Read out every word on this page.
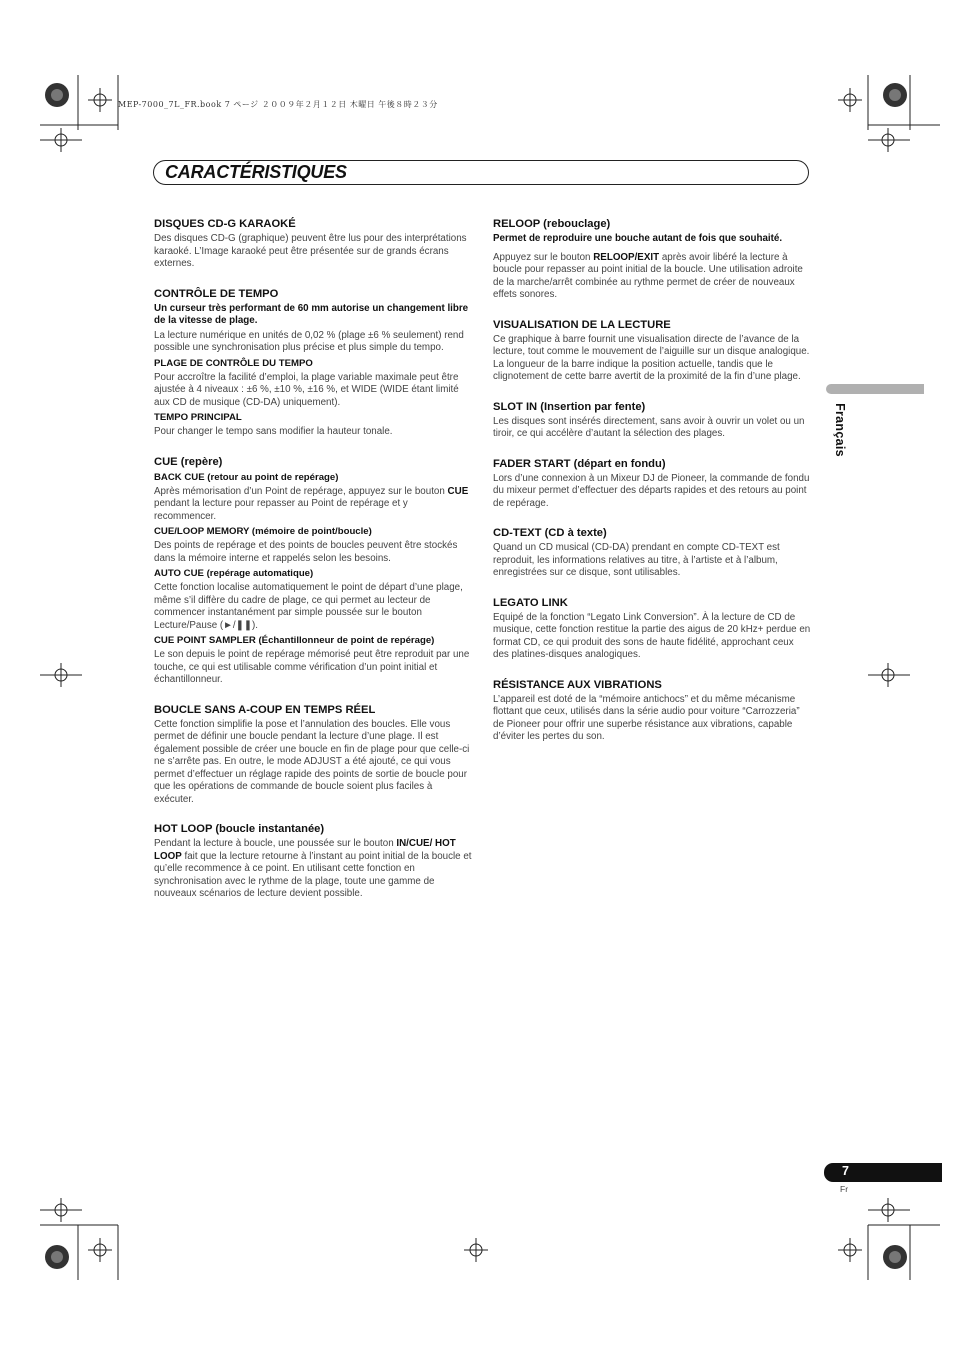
MEP-7000_7L_FR.book 7 ページ ２００９年２月１２日 木曜日 午後８時２３分
CARACTÉRISTIQUES
DISQUES CD-G KARAOKÉ

Des disques CD-G (graphique) peuvent être lus pour des interprétations karaoké. L’Image karaoké peut être présentée sur de grands écrans externes.

CONTRÔLE DE TEMPO

Un curseur très performant de 60 mm autorise un changement libre de la vitesse de plage.

La lecture numérique en unités de 0,02 % (plage ±6 % seulement) rend possible une synchronisation plus précise et plus simple du tempo.

PLAGE DE CONTRÔLE DU TEMPO

Pour accroître la facilité d’emploi, la plage variable maximale peut être ajustée à 4 niveaux : ±6 %, ±10 %, ±16 %, et WIDE (WIDE étant limité aux CD de musique (CD-DA) uniquement).

TEMPO PRINCIPAL

Pour changer le tempo sans modifier la hauteur tonale.

CUE (repère)
BACK CUE (retour au point de repérage)

Après mémorisation d’un Point de repérage, appuyez sur le bouton CUE pendant la lecture pour repasser au Point de repérage et y recommencer.

CUE/LOOP MEMORY (mémoire de point/boucle)

Des points de repérage et des points de boucles peuvent être stockés dans la mémoire interne et rappelés selon les besoins.

AUTO CUE (repérage automatique)

Cette fonction localise automatiquement le point de départ d’une plage, même s’il diffère du cadre de plage, ce qui permet au lecteur de commencer instantanément par simple poussée sur le bouton Lecture/Pause (►/❚❚).

CUE POINT SAMPLER (Échantillonneur de point de repérage)

Le son depuis le point de repérage mémorisé peut être reproduit par une touche, ce qui est utilisable comme vérification d’un point initial et échantillonneur.

BOUCLE SANS A-COUP EN TEMPS RÉEL

Cette fonction simplifie la pose et l’annulation des boucles. Elle vous permet de définir une boucle pendant la lecture d’une plage. Il est également possible de créer une boucle en fin de plage pour que celle-ci ne s’arrête pas. En outre, le mode ADJUST a été ajouté, ce qui vous permet d’effectuer un réglage rapide des points de sortie de boucle pour que les opérations de commande de boucle soient plus faciles à exécuter.

HOT LOOP (boucle instantanée)

Pendant la lecture à boucle, une poussée sur le bouton IN/CUE/ HOT LOOP fait que la lecture retourne à l’instant au point initial de la boucle et qu’elle recommence à ce point. En utilisant cette fonction en synchronisation avec le rythme de la plage, toute une gamme de nouveaux scénarios de lecture devient possible.

RELOOP (rebouclage)

Permet de reproduire une bouche autant de fois que souhaité.

Appuyez sur le bouton RELOOP/EXIT après avoir libéré la lecture à boucle pour repasser au point initial de la boucle. Une utilisation adroite de la marche/arrêt combinée au rythme permet de créer de nouveaux effets sonores.

VISUALISATION DE LA LECTURE

Ce graphique à barre fournit une visualisation directe de l’avance de la lecture, tout comme le mouvement de l’aiguille sur un disque analogique. La longueur de la barre indique la position actuelle, tandis que le clignotement de cette barre avertit de la proximité de la fin d’une plage.

SLOT IN (Insertion par fente)

Les disques sont insérés directement, sans avoir à ouvrir un volet ou un tiroir, ce qui accélère d’autant la sélection des plages.

FADER START (départ en fondu)

Lors d’une connexion à un Mixeur DJ de Pioneer, la commande de fondu du mixeur permet d’effectuer des départs rapides et des retours au point de repérage.

CD-TEXT (CD à texte)

Quand un CD musical (CD-DA) prendant en compte CD-TEXT est reproduit, les informations relatives au titre, à l’artiste et à l’album, enregistrées sur ce disque, sont utilisables.

LEGATO LINK

Equipé de la fonction “Legato Link Conversion”. À la lecture de CD de musique, cette fonction restitue la partie des aigus de 20 kHz+ perdue en format CD, ce qui produit des sons de haute fidélité, approchant ceux des platines-disques analogiques.

RÉSISTANCE AUX VIBRATIONS

L’appareil est doté de la “mémoire antichocs” et du même mécanisme flottant que ceux, utilisés dans la série audio pour voiture “Carrozzeria” de Pioneer pour offrir une superbe résistance aux vibrations, capable d’éviter les pertes du son.

Français
7
Fr
